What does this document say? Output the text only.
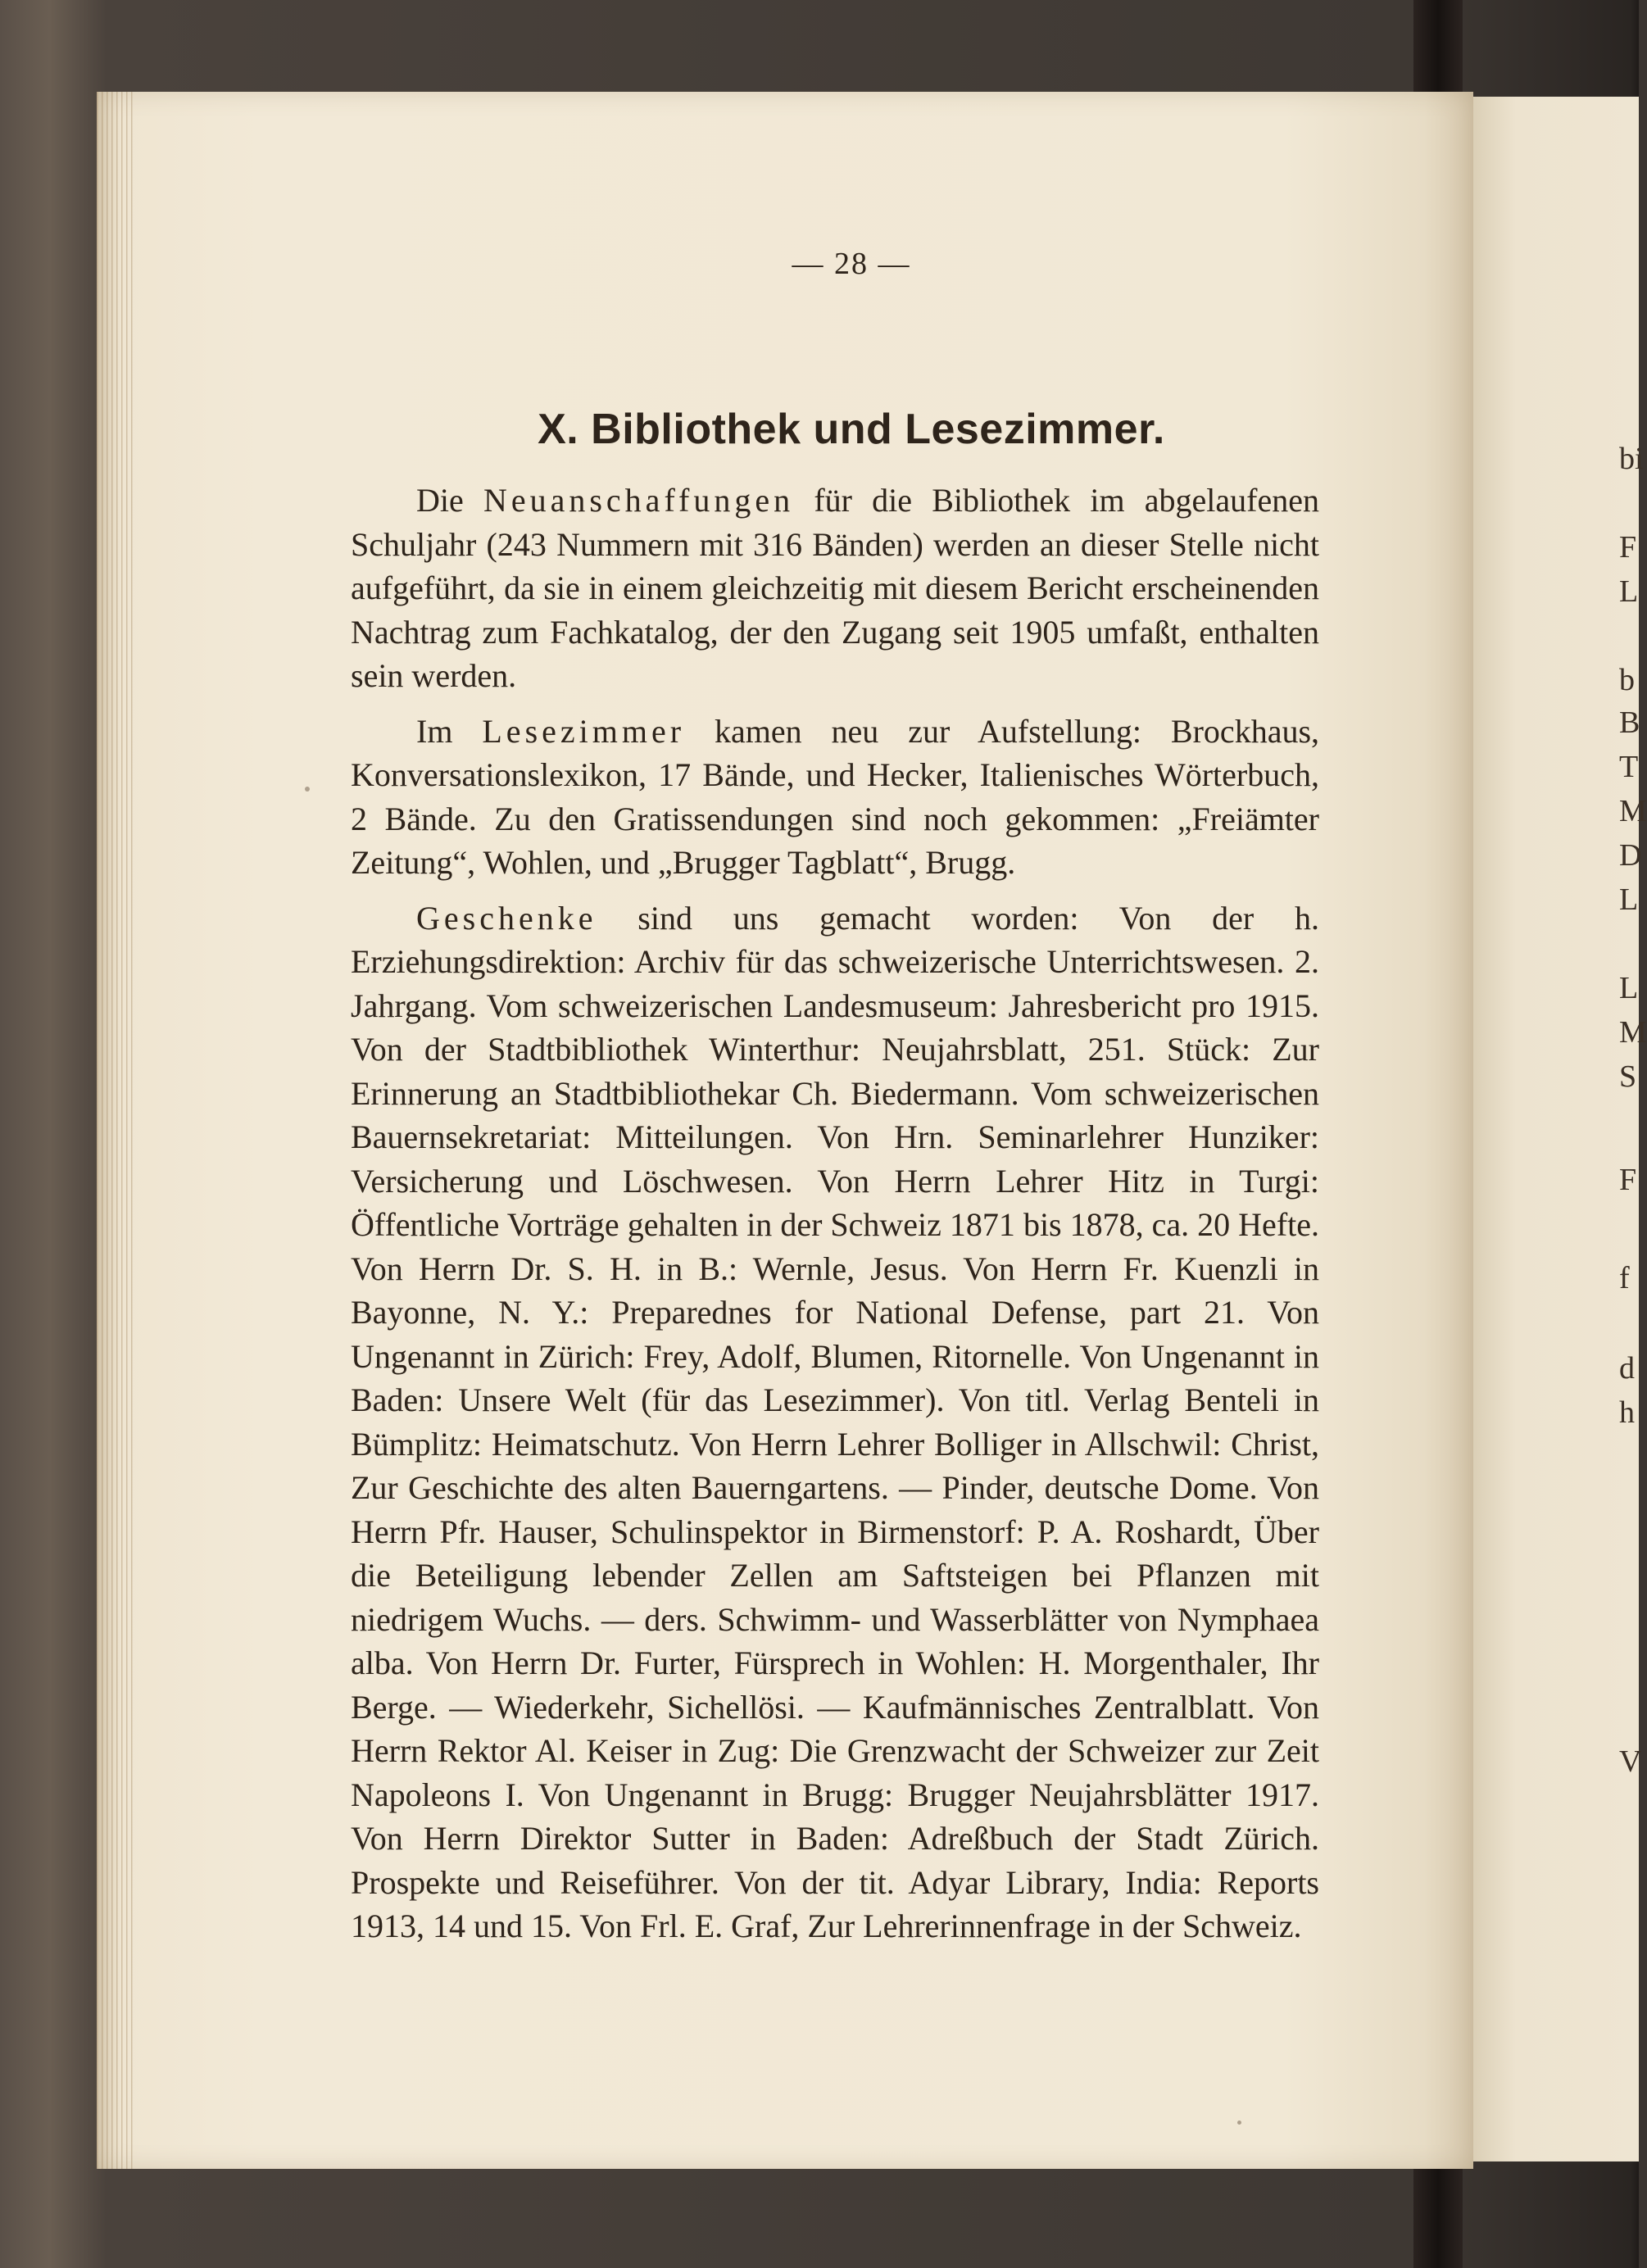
bi
F
L
b
B
T
M
D
L
L
M
S
F
f
d
h
V
— 28 —
X. Bibliothek und Lesezimmer.

Die Neuanschaffungen für die Bibliothek im abgelaufenen Schuljahr (243 Nummern mit 316 Bänden) werden an dieser Stelle nicht aufgeführt, da sie in einem gleichzeitig mit diesem Bericht erscheinenden Nachtrag zum Fachkatalog, der den Zugang seit 1905 umfaßt, enthalten sein werden.

Im Lesezimmer kamen neu zur Aufstellung: Brockhaus, Konversationslexikon, 17 Bände, und Hecker, Italienisches Wörterbuch, 2 Bände. Zu den Gratissendungen sind noch gekommen: „Freiämter Zeitung“, Wohlen, und „Brugger Tagblatt“, Brugg.

Geschenke sind uns gemacht worden: Von der h. Erziehungsdirektion: Archiv für das schweizerische Unterrichtswesen. 2. Jahrgang. Vom schweizerischen Landesmuseum: Jahresbericht pro 1915. Von der Stadtbibliothek Winterthur: Neujahrsblatt, 251. Stück: Zur Erinnerung an Stadtbibliothekar Ch. Biedermann. Vom schweizerischen Bauernsekretariat: Mitteilungen. Von Hrn. Seminarlehrer Hunziker: Versicherung und Löschwesen. Von Herrn Lehrer Hitz in Turgi: Öffentliche Vorträge gehalten in der Schweiz 1871 bis 1878, ca. 20 Hefte. Von Herrn Dr. S. H. in B.: Wernle, Jesus. Von Herrn Fr. Kuenzli in Bayonne, N. Y.: Preparednes for National Defense, part 21. Von Ungenannt in Zürich: Frey, Adolf, Blumen, Ritornelle. Von Ungenannt in Baden: Unsere Welt (für das Lesezimmer). Von titl. Verlag Benteli in Bümplitz: Heimatschutz. Von Herrn Lehrer Bolliger in Allschwil: Christ, Zur Geschichte des alten Bauerngartens. — Pinder, deutsche Dome. Von Herrn Pfr. Hauser, Schulinspektor in Birmenstorf: P. A. Roshardt, Über die Beteiligung lebender Zellen am Saftsteigen bei Pflanzen mit niedrigem Wuchs. — ders. Schwimm- und Wasserblätter von Nymphaea alba. Von Herrn Dr. Furter, Fürsprech in Wohlen: H. Morgenthaler, Ihr Berge. — Wiederkehr, Sichellösi. — Kaufmännisches Zentralblatt. Von Herrn Rektor Al. Keiser in Zug: Die Grenzwacht der Schweizer zur Zeit Napoleons I. Von Ungenannt in Brugg: Brugger Neujahrsblätter 1917. Von Herrn Direktor Sutter in Baden: Adreßbuch der Stadt Zürich. Prospekte und Reiseführer. Von der tit. Adyar Library, India: Reports 1913, 14 und 15. Von Frl. E. Graf, Zur Lehrerinnenfrage in der Schweiz.
